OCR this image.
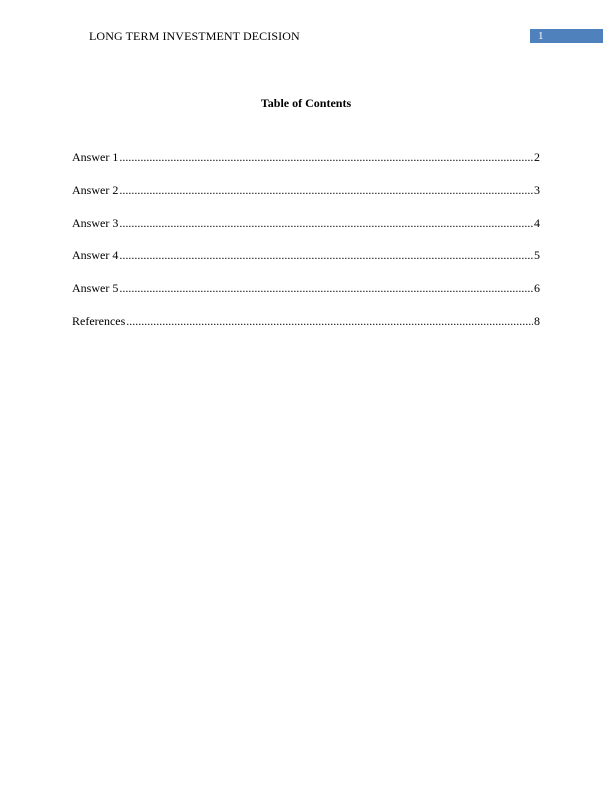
LONG TERM INVESTMENT DECISION	1
Table of Contents
Answer 1 .....	2
Answer 2 .....	3
Answer 3 .....	4
Answer 4 .....	5
Answer 5 .....	6
References .....	8
